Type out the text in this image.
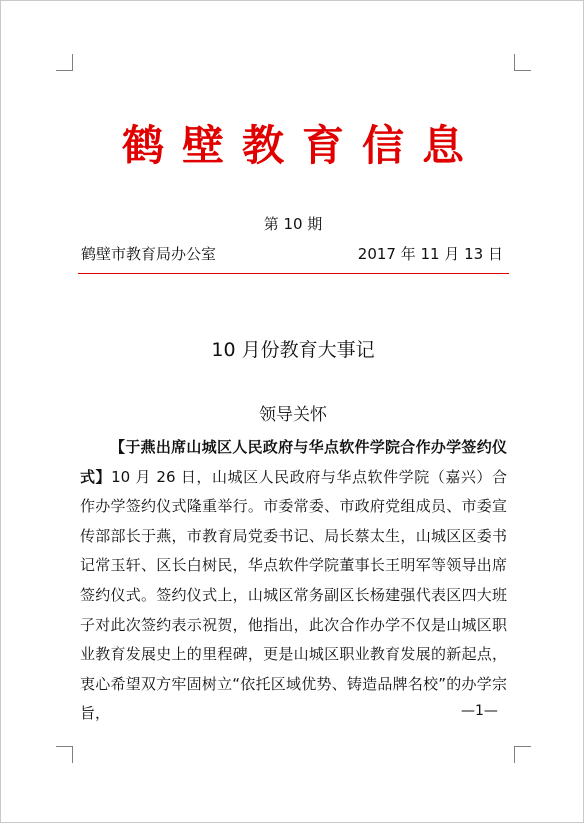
鹤壁教育信息
第 10 期
鹤壁市教育局办公室	2017 年 11 月 13 日
10 月份教育大事记
领导关怀

【于燕出席山城区人民政府与华点软件学院合作办学签约仪式】10 月 26 日，山城区人民政府与华点软件学院（嘉兴）合作办学签约仪式隆重举行。市委常委、市政府党组成员、市委宣传部部长于燕，市教育局党委书记、局长蔡太生，山城区区委书记常玉轩、区长白树民，华点软件学院董事长王明军等领导出席签约仪式。签约仪式上，山城区常务副区长杨建强代表区四大班子对此次签约表示祝贺，他指出，此次合作办学不仅是山城区职业教育发展史上的里程碑，更是山城区职业教育发展的新起点，衷心希望双方牢固树立“依托区域优势、铸造品牌名校”的办学宗旨，	—1—
